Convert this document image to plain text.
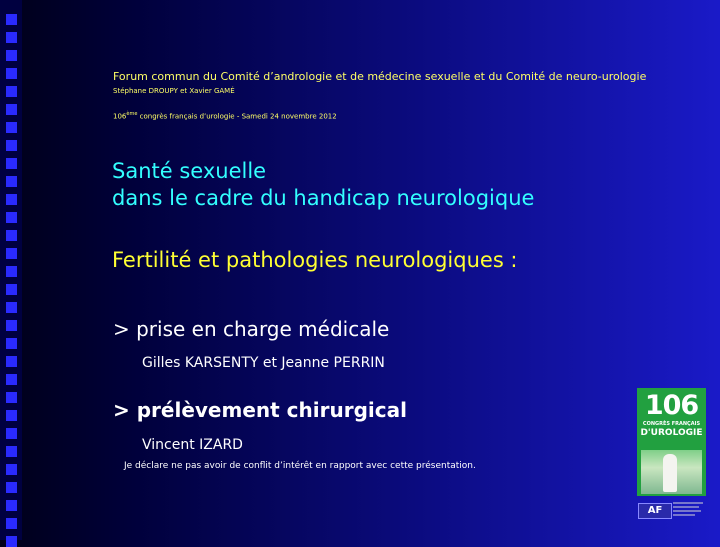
Forum commun du Comité d’andrologie et de médecine sexuelle et du Comité de neuro-urologie

Stéphane DROUPY et Xavier GAMÉ

106ème congrès français d’urologie - Samedi 24 novembre 2012

Santé sexuelle

dans le cadre du handicap neurologique

Fertilité et pathologies neurologiques :

> prise en charge médicale

Gilles KARSENTY et Jeanne PERRIN

> prélèvement chirurgical

Vincent IZARD

Je déclare ne pas avoir de conflit d’intérêt en rapport avec cette présentation.

106
CONGRÈS FRANÇAIS
D'UROLOGIE
ΑϜ
